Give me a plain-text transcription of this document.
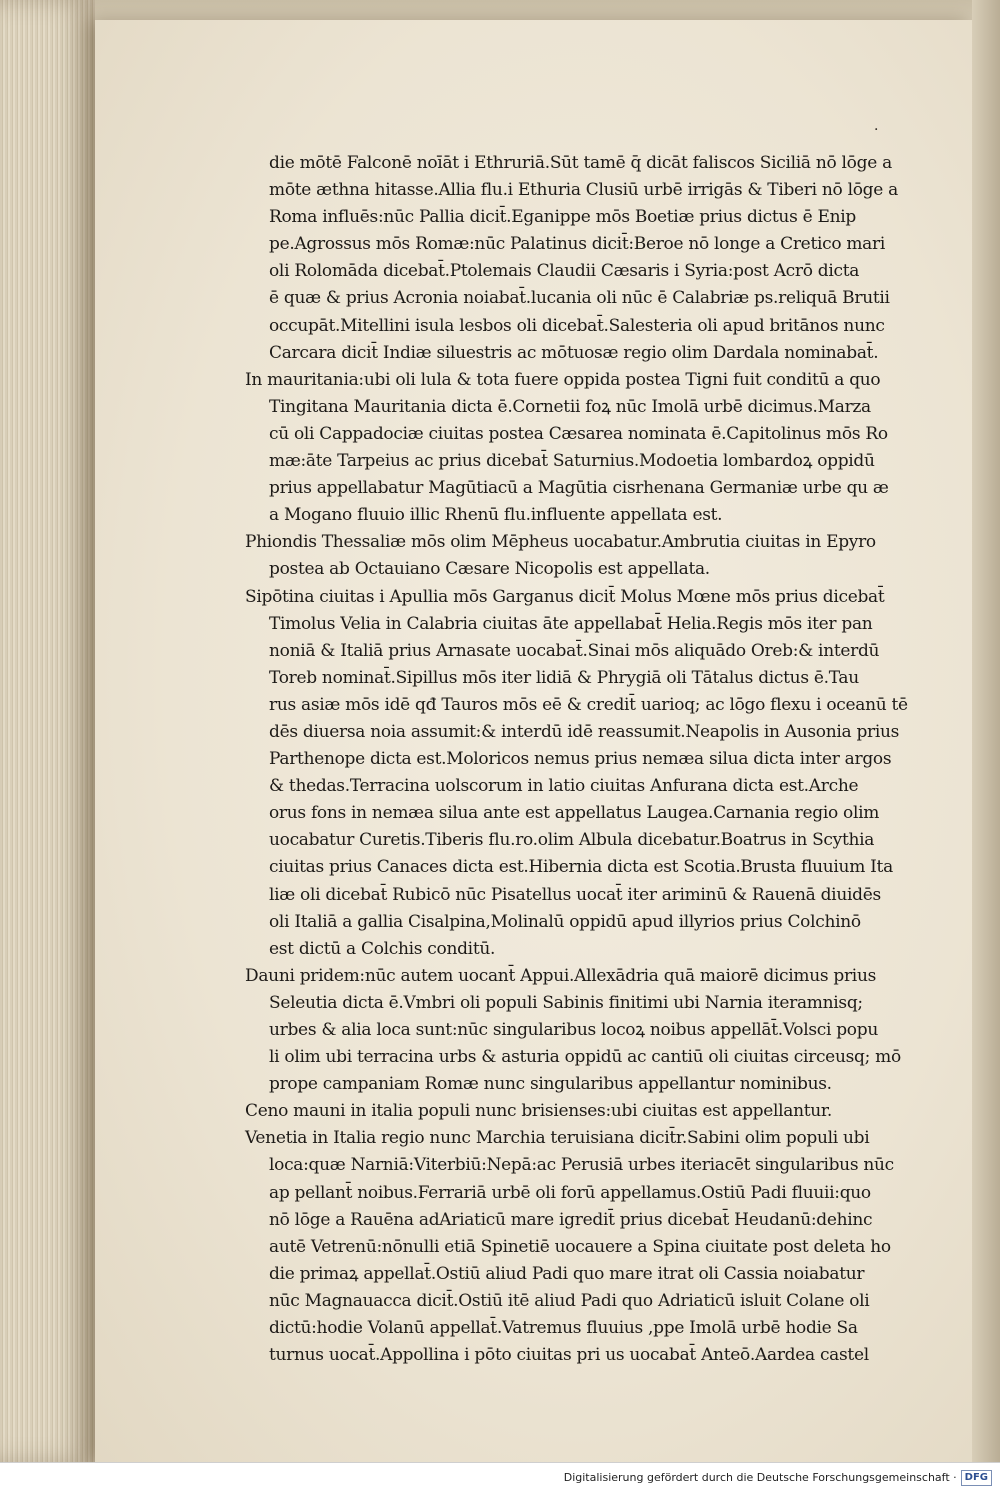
·
die mōtē Falconē noīāt i Ethruriā.Sūt tamē q̄ dicāt faliscos Siciliā nō lōge a
mōte æthna hitasse.Allia flu.i Ethuria Clusiū urbē irrigās & Tiberi nō lōge a
Roma influēs:nūc Pallia dicit̄.Eganippe mōs Boetiæ prius dictus ē Enip
pe.Agrossus mōs Romæ:nūc Palatinus dicit̄:Beroe nō longe a Cretico mari
oli Rolomāda dicebat̄.Ptolemais Claudii Cæsaris i Syria:post Acrō dicta
ē quæ & prius Acronia noiabat̄.lucania oli nūc ē Calabriæ ps.reliquā Brutii
occupāt.Mitellini isula lesbos oli dicebat̄.Salesteria oli apud britānos nunc
Carcara dicit̄ Indiæ siluestris ac mōtuosæ regio olim Dardala nominabat̄.
In mauritania:ubi oli lula & tota fuere oppida postea Tigni fuit conditū a quo
Tingitana Mauritania dicta ē.Cornetii foꝝ nūc Imolā urbē dicimus.Marza
cū oli Cappadociæ ciuitas postea Cæsarea nominata ē.Capitolinus mōs Ro
mæ:āte Tarpeius ac prius dicebat̄ Saturnius.Modoetia lombardoꝝ oppidū
prius appellabatur Magūtiacū a Magūtia cisrhenana Germaniæ urbe qu æ
a Mogano fluuio illic Rhenū flu.influente appellata est.
Phiondis Thessaliæ mōs olim Mēpheus uocabatur.Ambrutia ciuitas in Epyro
postea ab Octauiano Cæsare Nicopolis est appellata.
Sipōtina ciuitas i Apullia mōs Garganus dicit̄ Molus Mœne mōs prius dicebat̄
Timolus Velia in Calabria ciuitas āte appellabat̄ Helia.Regis mōs iter pan
noniā & Italiā prius Arnasate uocabat̄.Sinai mōs aliquādo Oreb:& interdū
Toreb nominat̄.Sipillus mōs iter lidiā & Phrygiā oli Tātalus dictus ē.Tau
rus asiæ mōs idē qđ Tauros mōs eē & credit̄ uarioq; ac lōgo flexu i oceanū tē
dēs diuersa noia assumit:& interdū idē reassumit.Neapolis in Ausonia prius
Parthenope dicta est.Moloricos nemus prius nemæa silua dicta inter argos
& thedas.Terracina uolscorum in latio ciuitas Anfurana dicta est.Arche
orus fons in nemæa silua ante est appellatus Laugea.Carnania regio olim
uocabatur Curetis.Tiberis flu.ro.olim Albula dicebatur.Boatrus in Scythia
ciuitas prius Canaces dicta est.Hibernia dicta est Scotia.Brusta fluuium Ita
liæ oli dicebat̄ Rubicō nūc Pisatellus uocat̄ iter ariminū & Rauenā diuidēs
oli Italiā a gallia Cisalpina,Molinalū oppidū apud illyrios prius Colchinō
est dictū a Colchis conditū.
Dauni pridem:nūc autem uocant̄ Appui.Allexādria quā maiorē dicimus prius
Seleutia dicta ē.Vmbri oli populi Sabinis finitimi ubi Narnia iteramnisq;
urbes & alia loca sunt:nūc singularibus locoꝝ noibus appellāt̄.Volsci popu
li olim ubi terracina urbs & asturia oppidū ac cantiū oli ciuitas circeusq; mō
prope campaniam Romæ nunc singularibus appellantur nominibus.
Ceno mauni in italia populi nunc brisienses:ubi ciuitas est appellantur.
Venetia in Italia regio nunc Marchia teruisiana dicit̄r.Sabini olim populi ubi
loca:quæ Narniā:Viterbiū:Nepā:ac Perusiā urbes iteriacēt singularibus nūc
ap pellant̄ noibus.Ferrariā urbē oli forū appellamus.Ostiū Padi fluuii:quo
nō lōge a Rauēna adAriaticū mare igredit̄ prius dicebat̄ Heudanū:dehinc
autē Vetrenū:nōnulli etiā Spinetiē uocauere a Spina ciuitate post deleta ho
die primaꝝ appellat̄.Ostiū aliud Padi quo mare itrat oli Cassia noiabatur
nūc Magnauacca dicit̄.Ostiū itē aliud Padi quo Adriaticū isluit Colane oli
dictū:hodie Volanū appellat̄.Vatremus fluuius ,ppe Imolā urbē hodie Sa
turnus uocat̄.Appollina i pōto ciuitas pri us uocabat̄ Anteō.Aardea castel
Digitalisierung gefördert durch die Deutsche Forschungsgemeinschaft · DFG
